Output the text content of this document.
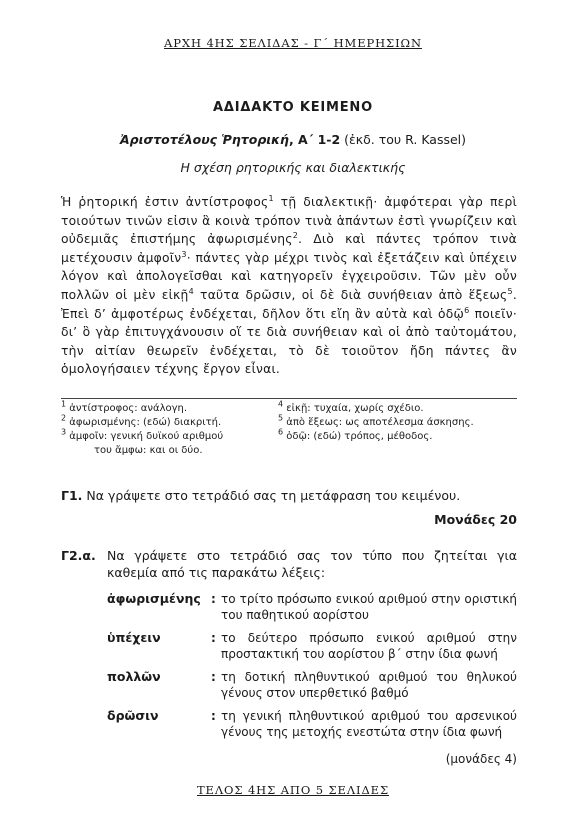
ΑΡΧΗ 4ΗΣ ΣΕΛΙΔΑΣ - Γ΄ ΗΜΕΡΗΣΙΩΝ
ΑΔΙΔΑΚΤΟ ΚΕΙΜΕΝΟ
Ἀριστοτέλους Ῥητορική, Α΄ 1-2 (ἐκδ. του R. Kassel)
Η σχέση ρητορικής και διαλεκτικής
Ἡ ῥητορική ἐστιν ἀντίστροφος$^1$ τῇ διαλεκτικῇ· ἀμφότεραι γὰρ περὶ τοιούτων τινῶν εἰσιν ἃ κοινὰ τρόπον τινὰ ἁπάντων ἐστὶ γνωρίζειν καὶ οὐδεμιᾶς ἐπιστήμης ἀφωρισμένης$^2$. Διὸ καὶ πάντες τρόπον τινὰ μετέχουσιν ἀμφοῖν$^3$· πάντες γὰρ μέχρι τινὸς καὶ ἐξετάζειν καὶ ὑπέχειν λόγον καὶ ἀπολογεῖσθαι καὶ κατηγορεῖν ἐγχειροῦσιν. Τῶν μὲν οὖν πολλῶν οἱ μὲν εἰκῇ$^4$ ταῦτα δρῶσιν, οἱ δὲ διὰ συνήθειαν ἀπὸ ἕξεως$^5$. Ἐπεὶ δ’ ἀμφοτέρως ἐνδέχεται, δῆλον ὅτι εἴη ἂν αὐτὰ καὶ ὁδῷ$^6$ ποιεῖν· δι’ ὃ γὰρ ἐπιτυγχάνουσιν οἵ τε διὰ συνήθειαν καὶ οἱ ἀπὸ ταὐτομάτου, τὴν αἰτίαν θεωρεῖν ἐνδέχεται, τὸ δὲ τοιοῦτον ἤδη πάντες ἂν ὁμολογήσαιεν τέχνης ἔργον εἶναι.
$^1$ ἀντίστροφος: ανάλογη.
$^2$ ἀφωρισμένης: (εδώ) διακριτή.
$^3$ ἀμφοῖν: γενική δυϊκού αριθμού
του ἄμφω: και οι δύο.
$^4$ εἰκῇ: τυχαία, χωρίς σχέδιο.
$^5$ ἀπὸ ἕξεως: ως αποτέλεσμα άσκησης.
$^6$ ὁδῷ: (εδώ) τρόπος, μέθοδος.
Γ1. Να γράψετε στο τετράδιό σας τη μετάφραση του κειμένου.
Μονάδες 20
Γ2.α. Να γράψετε στο τετράδιό σας τον τύπο που ζητείται για καθεμία από τις παρακάτω λέξεις:
ἀφωρισμένης : το τρίτο πρόσωπο ενικού αριθμού στην οριστική του παθητικού αορίστου
ὑπέχειν	: το δεύτερο πρόσωπο ενικού αριθμού στην προστακτική του αορίστου β΄ στην ίδια φωνή
πολλῶν	: τη δοτική πληθυντικού αριθμού του θηλυκού γένους στον υπερθετικό βαθμό
δρῶσιν	: τη γενική πληθυντικού αριθμού του αρσενικού γένους της μετοχής ενεστώτα στην ίδια φωνή
(μονάδες 4)
ΤΕΛΟΣ 4ΗΣ ΑΠΟ 5 ΣΕΛΙΔΕΣ
